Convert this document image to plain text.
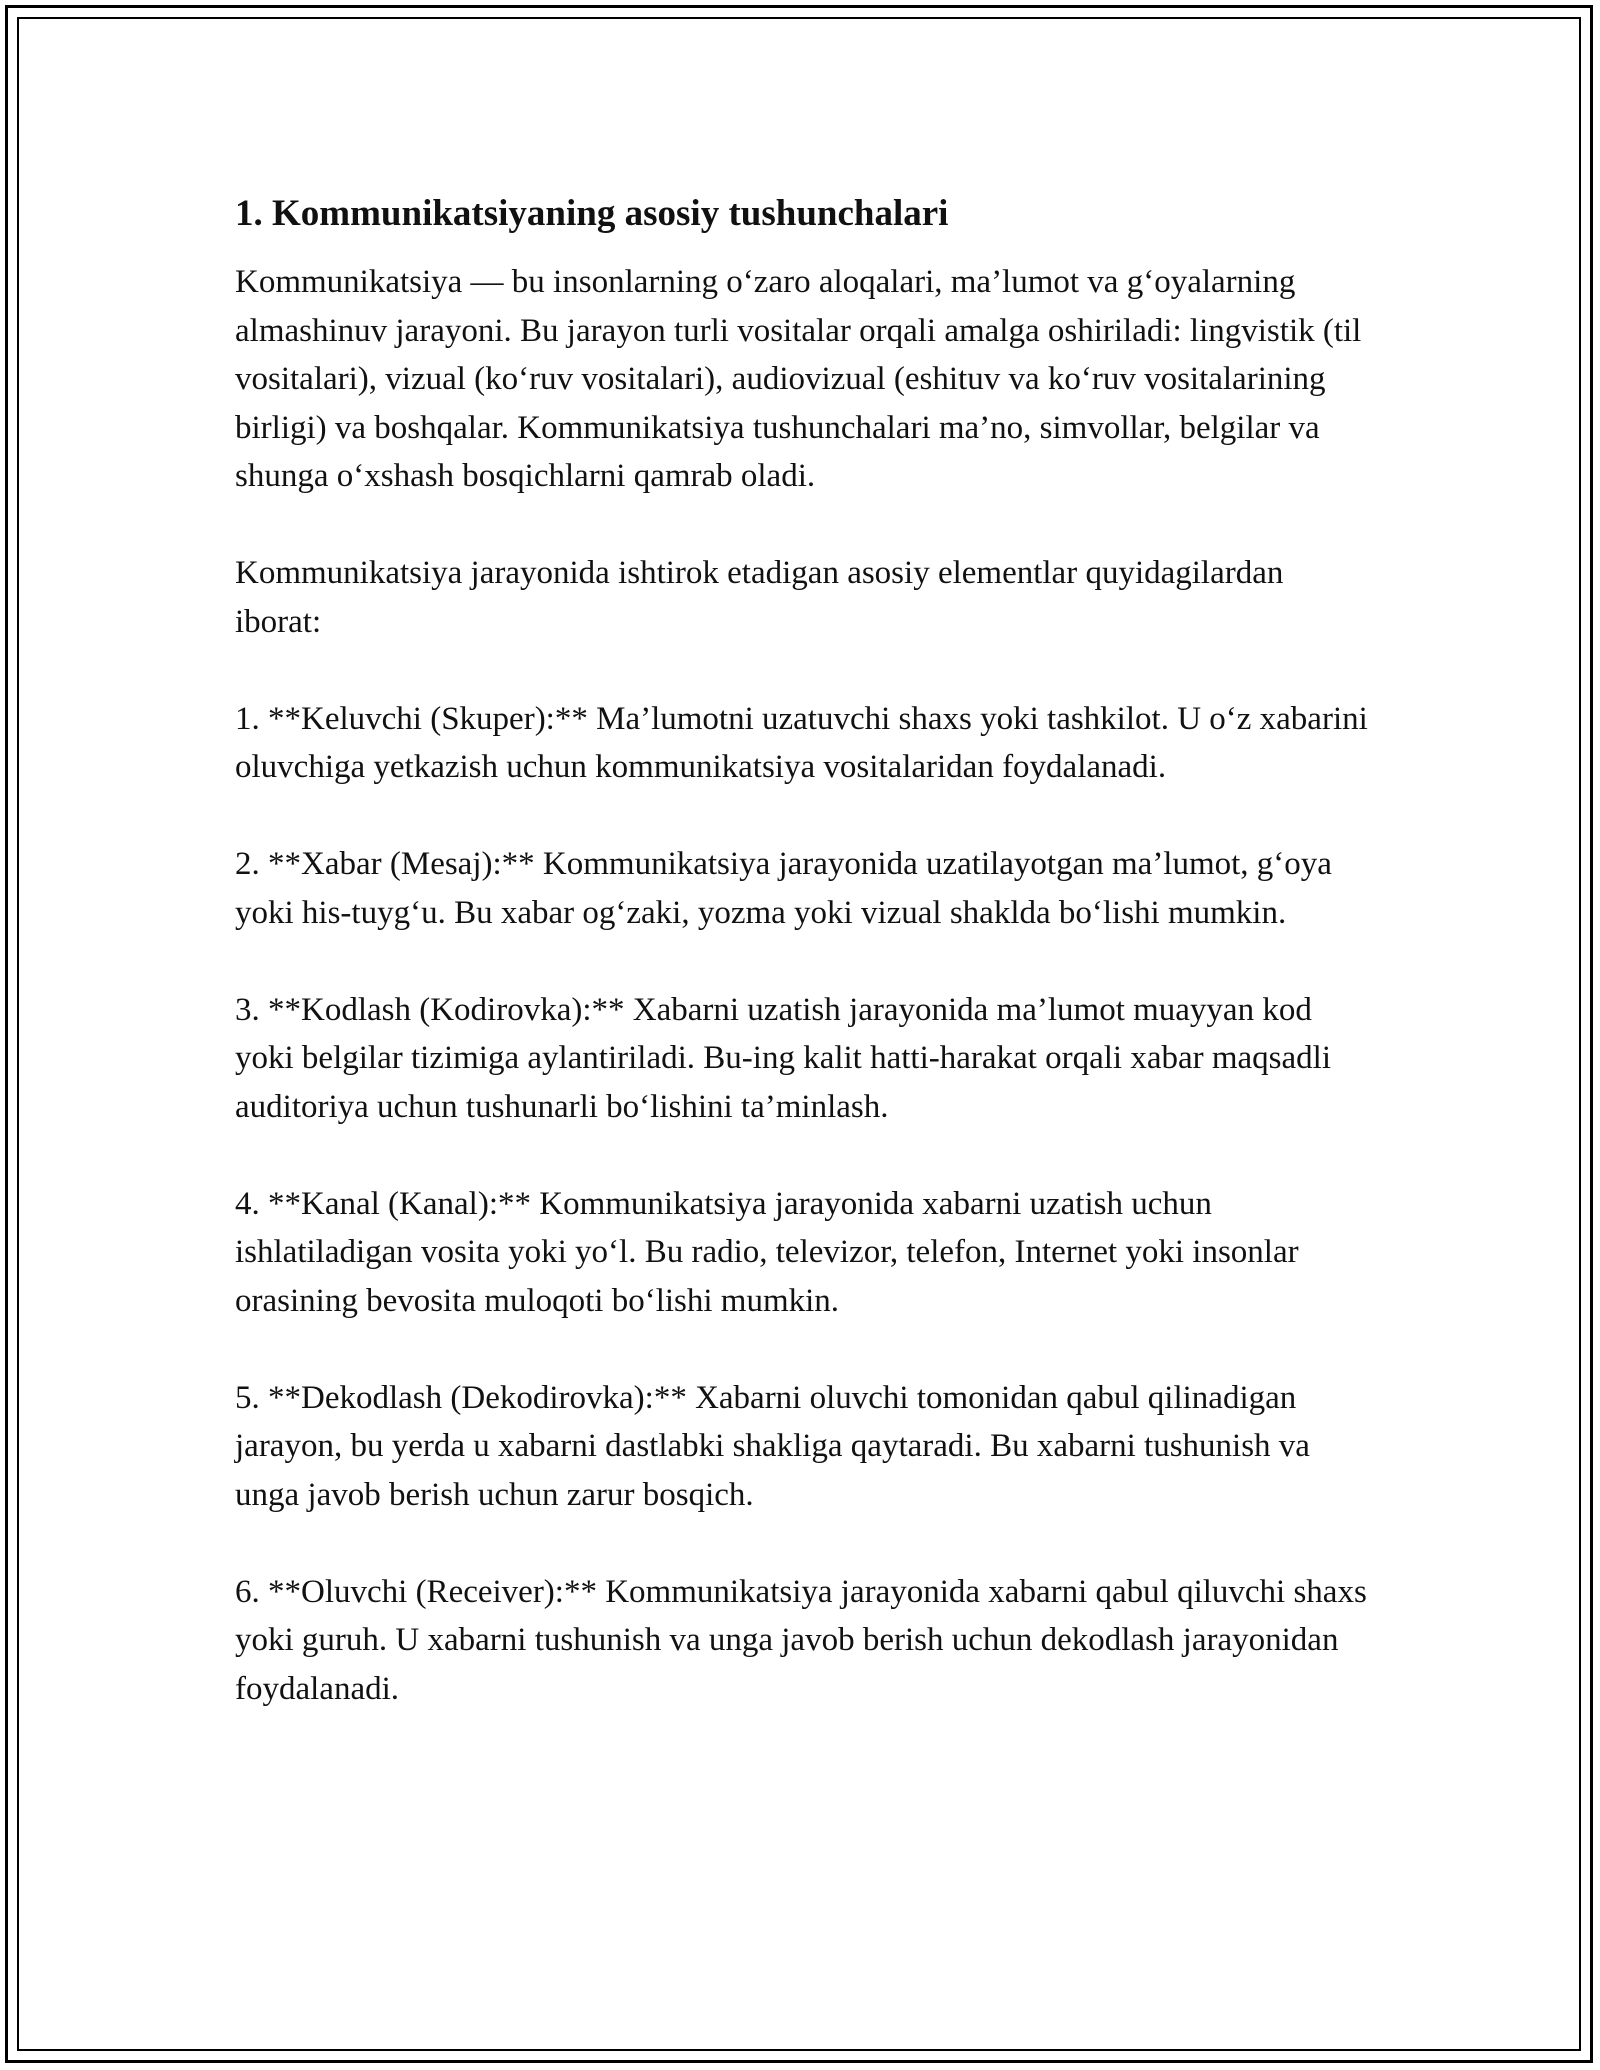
1. Kommunikatsiyaning asosiy tushunchalari

Kommunikatsiya — bu insonlarning o‘zaro aloqalari, ma’lumot va g‘oyalarning almashinuv jarayoni. Bu jarayon turli vositalar orqali amalga oshiriladi: lingvistik (til vositalari), vizual (ko‘ruv vositalari), audiovizual (eshituv va ko‘ruv vositalarining birligi) va boshqalar. Kommunikatsiya tushunchalari ma’no, simvollar, belgilar va shunga o‘xshash bosqichlarni qamrab oladi.

Kommunikatsiya jarayonida ishtirok etadigan asosiy elementlar quyidagilardan iborat:

1. **Keluvchi (Skuper):** Ma’lumotni uzatuvchi shaxs yoki tashkilot. U o‘z xabarini oluvchiga yetkazish uchun kommunikatsiya vositalaridan foydalanadi.

2. **Xabar (Mesaj):** Kommunikatsiya jarayonida uzatilayotgan ma’lumot, g‘oya yoki his-tuyg‘u. Bu xabar og‘zaki, yozma yoki vizual shaklda bo‘lishi mumkin.

3. **Kodlash (Kodirovka):** Xabarni uzatish jarayonida ma’lumot muayyan kod yoki belgilar tizimiga aylantiriladi. Bu-ing kalit hatti-harakat orqali xabar maqsadli auditoriya uchun tushunarli bo‘lishini ta’minlash.

4. **Kanal (Kanal):** Kommunikatsiya jarayonida xabarni uzatish uchun ishlatiladigan vosita yoki yo‘l. Bu radio, televizor, telefon, Internet yoki insonlar orasining bevosita muloqoti bo‘lishi mumkin.

5. **Dekodlash (Dekodirovka):** Xabarni oluvchi tomonidan qabul qilinadigan jarayon, bu yerda u xabarni dastlabki shakliga qaytaradi. Bu xabarni tushunish va unga javob berish uchun zarur bosqich.

6. **Oluvchi (Receiver):** Kommunikatsiya jarayonida xabarni qabul qiluvchi shaxs yoki guruh. U xabarni tushunish va unga javob berish uchun dekodlash jarayonidan foydalanadi.
